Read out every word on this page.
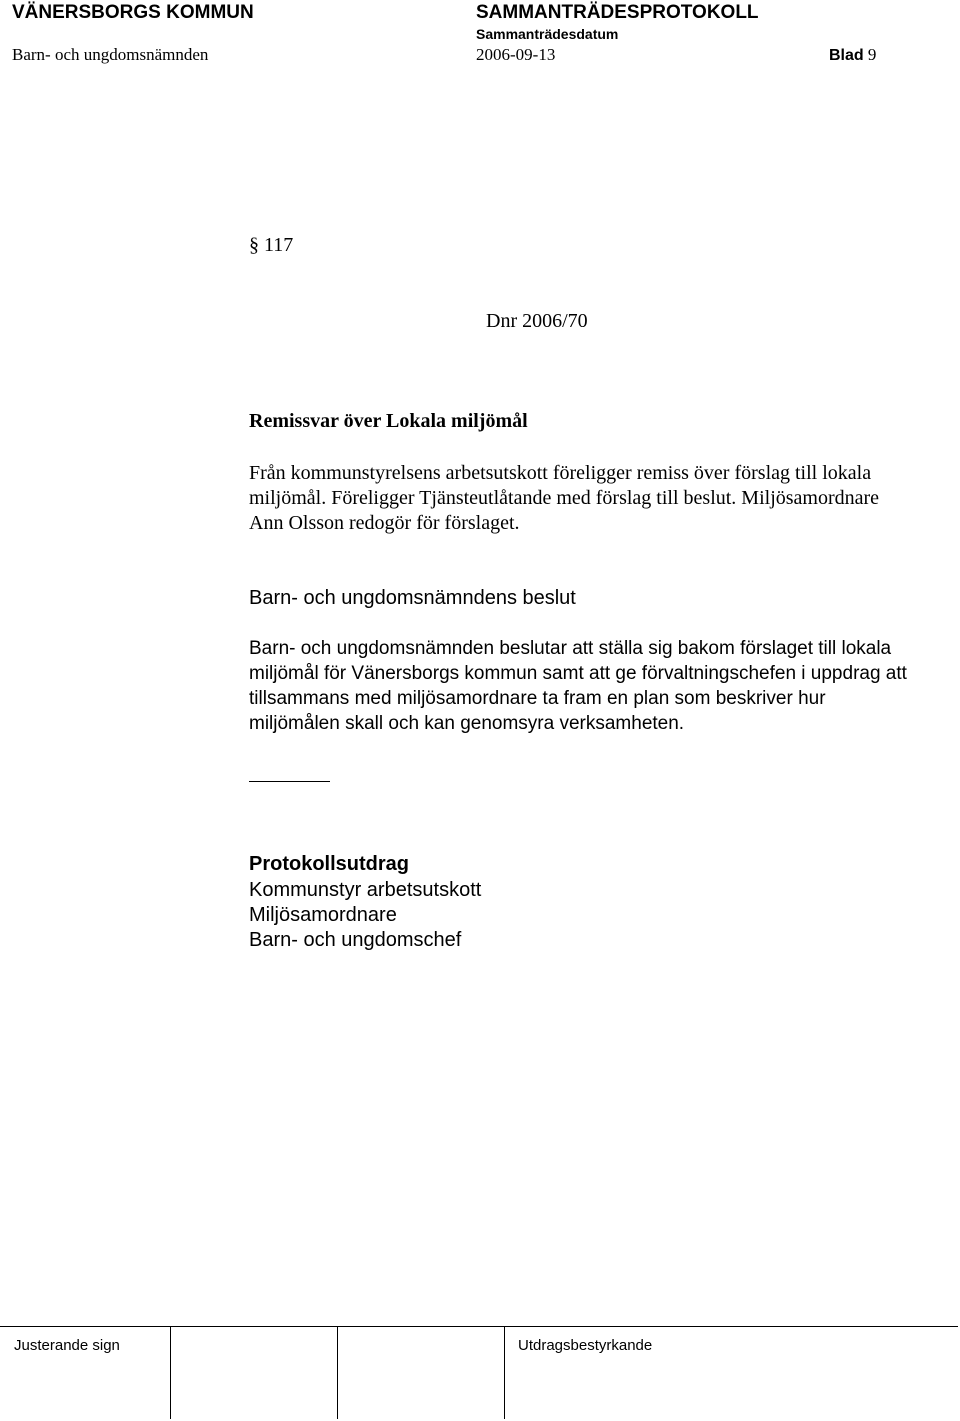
VÄNERSBORGS KOMMUN	SAMMANTRÄDESPROTOKOLL
Sammanträdesdatum
Barn- och ungdomsnämnden	2006-09-13	Blad 9
§ 117
Dnr 2006/70
Remissvar över Lokala miljömål
Från kommunstyrelsens arbetsutskott föreligger remiss över förslag till lokala
miljömål. Föreligger Tjänsteutlåtande med förslag till beslut. Miljösamordnare
Ann Olsson redogör för förslaget.
Barn- och ungdomsnämndens beslut
Barn- och ungdomsnämnden beslutar att ställa sig bakom förslaget till lokala
miljömål för Vänersborgs kommun samt att ge förvaltningschefen i uppdrag att
tillsammans med miljösamordnare ta fram en plan som beskriver hur
miljömålen skall och kan genomsyra verksamheten.
Protokollsutdrag
Kommunstyr arbetsutskott
Miljösamordnare
Barn- och ungdomschef
Justerande sign	Utdragsbestyrkande
